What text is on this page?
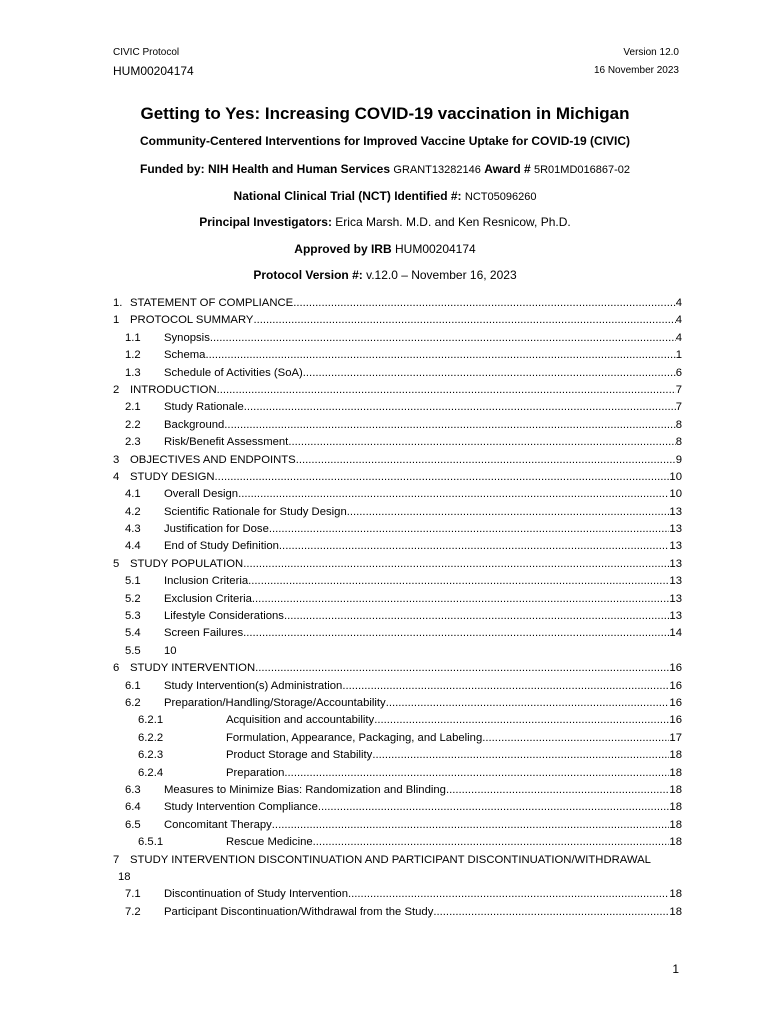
CIVIC Protocol
HUM00204174
Version 12.0
16 November 2023
Getting to Yes: Increasing COVID-19 vaccination in Michigan
Community-Centered Interventions for Improved Vaccine Uptake for COVID-19 (CIVIC)
Funded by: NIH Health and Human Services GRANT13282146 Award # 5R01MD016867-02
National Clinical Trial (NCT) Identified #: NCT05096260
Principal Investigators: Erica Marsh. M.D. and Ken Resnicow, Ph.D.
Approved by IRB HUM00204174
Protocol Version #: v.12.0 – November 16, 2023
1. STATEMENT OF COMPLIANCE .....	4
1 PROTOCOL SUMMARY .....	4
1.1 Synopsis .....	4
1.2 Schema .....	1
1.3 Schedule of Activities (SoA) .....	6
2 INTRODUCTION .....	7
2.1 Study Rationale .....	7
2.2 Background .....	8
2.3 Risk/Benefit Assessment .....	8
3 OBJECTIVES AND ENDPOINTS .....	9
4 STUDY DESIGN .....	10
4.1 Overall Design .....	10
4.2 Scientific Rationale for Study Design .....	13
4.3 Justification for Dose .....	13
4.4 End of Study Definition .....	13
5 STUDY POPULATION .....	13
5.1 Inclusion Criteria .....	13
5.2 Exclusion Criteria .....	13
5.3 Lifestyle Considerations .....	13
5.4 Screen Failures .....	14
5.5 10
6 STUDY INTERVENTION .....	16
6.1 Study Intervention(s) Administration .....	16
6.2 Preparation/Handling/Storage/Accountability .....	16
6.2.1	Acquisition and accountability .....	16
6.2.2	Formulation, Appearance, Packaging, and Labeling .....	17
6.2.3	Product Storage and Stability .....	18
6.2.4	Preparation .....	18
6.3 Measures to Minimize Bias: Randomization and Blinding .....	18
6.4 Study Intervention Compliance .....	18
6.5 Concomitant Therapy .....	18
6.5.1	Rescue Medicine .....	18
7 STUDY INTERVENTION DISCONTINUATION AND PARTICIPANT DISCONTINUATION/WITHDRAWAL
18
7.1 Discontinuation of Study Intervention .....	18
7.2 Participant Discontinuation/Withdrawal from the Study .....	18
1
